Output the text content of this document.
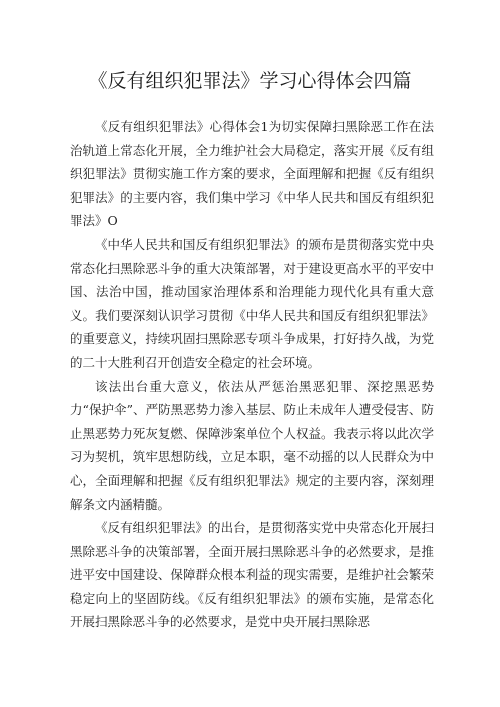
《反有组织犯罪法》学习心得体会四篇

《反有组织犯罪法》心得体会1为切实保障扫黑除恶工作在法治轨道上常态化开展，全力维护社会大局稳定，落实开展《反有组织犯罪法》贯彻实施工作方案的要求，全面理解和把握《反有组织犯罪法》的主要内容，我们集中学习《中华人民共和国反有组织犯罪法》O

《中华人民共和国反有组织犯罪法》的颁布是贯彻落实党中央常态化扫黑除恶斗争的重大决策部署，对于建设更高水平的平安中国、法治中国，推动国家治理体系和治理能力现代化具有重大意义。我们要深刻认识学习贯彻《中华人民共和国反有组织犯罪法》的重要意义，持续巩固扫黑除恶专项斗争成果，打好持久战，为党的二十大胜利召开创造安全稳定的社会环境。

该法出台重大意义，依法从严惩治黑恶犯罪、深挖黑恶势力“保护伞”、严防黑恶势力渗入基层、防止未成年人遭受侵害、防止黑恶势力死灰复燃、保障涉案单位个人权益。我表示将以此次学习为契机，筑牢思想防线，立足本职，毫不动摇的以人民群众为中心，全面理解和把握《反有组织犯罪法》规定的主要内容，深刻理解条文内涵精髓。

《反有组织犯罪法》的出台，是贯彻落实党中央常态化开展扫黑除恶斗争的决策部署，全面开展扫黑除恶斗争的必然要求，是推进平安中国建设、保障群众根本利益的现实需要，是维护社会繁荣稳定向上的坚固防线。《反有组织犯罪法》的颁布实施，是常态化开展扫黑除恶斗争的必然要求，是党中央开展扫黑除恶
